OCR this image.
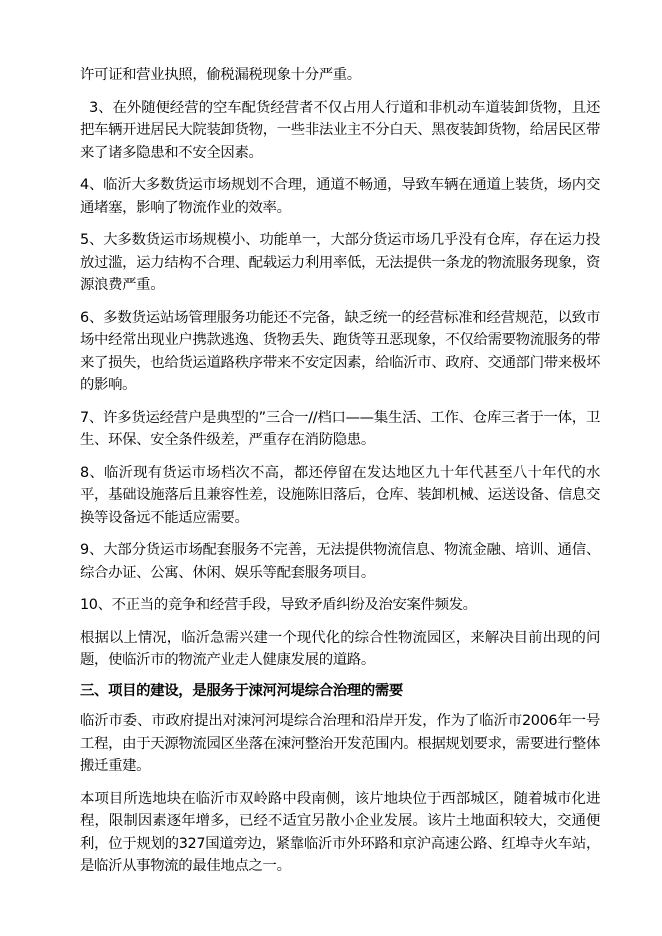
许可证和营业执照，偷税漏税现象十分严重。

3、在外随便经营的空车配货经营者不仅占用人行道和非机动车道装卸货物，且还把车辆开进居民大院装卸货物，一些非法业主不分白天、黑夜装卸货物，给居民区带来了诸多隐患和不安全因素。

4、临沂大多数货运市场规划不合理，通道不畅通，导致车辆在通道上装货，场内交通堵塞，影响了物流作业的效率。

5、大多数货运市场规模小、功能单一，大部分货运市场几乎没有仓库，存在运力投放过滥，运力结构不合理、配载运力利用率低，无法提供一条龙的物流服务现象，资源浪费严重。

6、多数货运站场管理服务功能还不完备，缺乏统一的经营标准和经营规范，以致市场中经常出现业户携款逃逸、货物丢失、跑货等丑恶现象，不仅给需要物流服务的带来了损失，也给货运道路秩序带来不安定因素，给临沂市、政府、交通部门带来极坏的影响。

7、许多货运经营户是典型的”三合一//档口——集生活、工作、仓库三者于一体，卫生、环保、安全条件级差，严重存在消防隐患。

8、临沂现有货运市场档次不高，都还停留在发达地区九十年代甚至八十年代的水平，基础设施落后且兼容性差，设施陈旧落后，仓库、装卸机械、运送设备、信息交换等设备远不能适应需要。

9、大部分货运市场配套服务不完善，无法提供物流信息、物流金融、培训、通信、综合办证、公寓、休闲、娱乐等配套服务项目。

10、不正当的竞争和经营手段，导致矛盾纠纷及治安案件频发。

根据以上情况，临沂急需兴建一个现代化的综合性物流园区，来解决目前出现的问题，使临沂市的物流产业走人健康发展的道路。

三、项目的建设，是服务于涑河河堤综合治理的需要

临沂市委、市政府提出对涑河河堤综合治理和沿岸开发，作为了临沂市2006年一号工程，由于天源物流园区坐落在涑河整治开发范围内。根据规划要求，需要进行整体搬迁重建。

本项目所选地块在临沂市双岭路中段南侧，该片地块位于西部城区，随着城市化进程，限制因素逐年增多，已经不适宜另散小企业发展。该片土地面积较大，交通便利，位于规划的327国道旁边，紧靠临沂市外环路和京沪高速公路、红埠寺火车站，是临沂从事物流的最佳地点之一。
